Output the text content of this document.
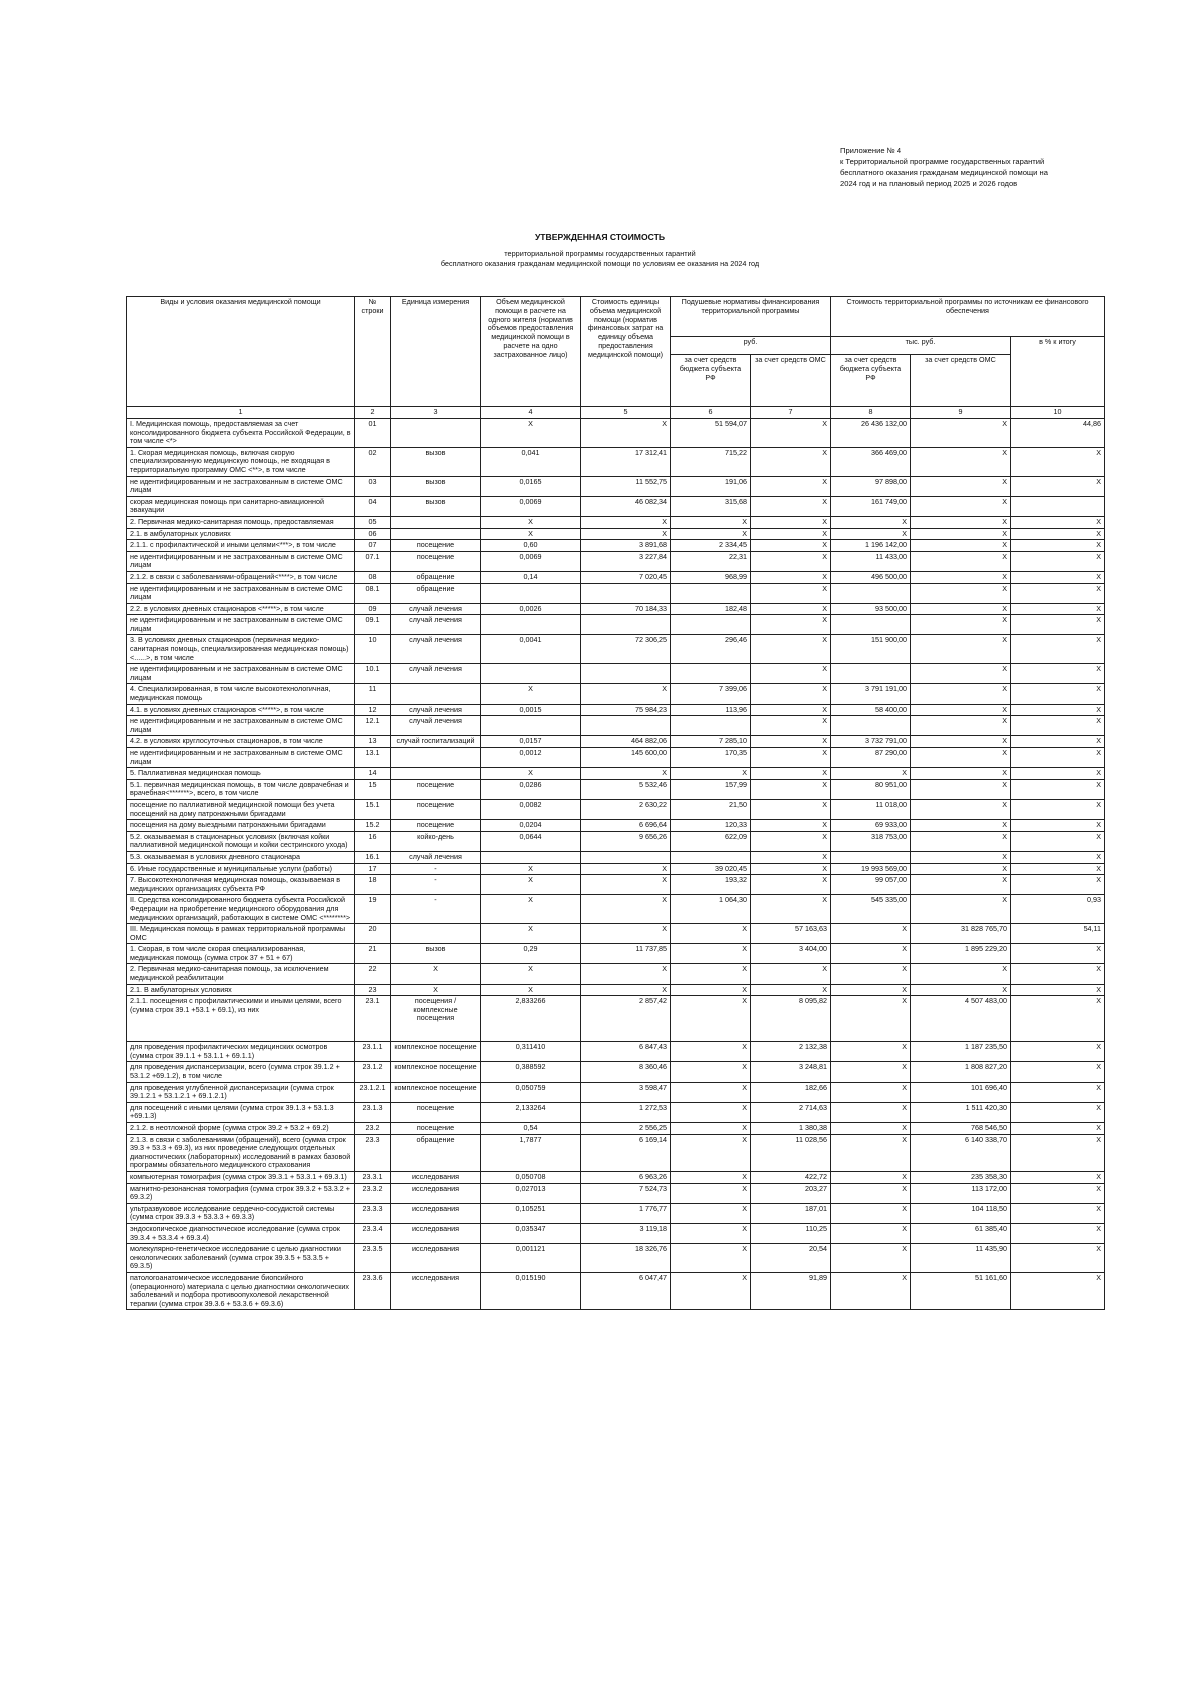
Приложение № 4
к Территориальной программе государственных гарантий
бесплатного оказания гражданам медицинской помощи на
2024 год и на плановый период 2025 и 2026 годов
УТВЕРЖДЕННАЯ СТОИМОСТЬ
территориальной программы государственных гарантий
бесплатного оказания гражданам медицинской помощи по условиям ее оказания на 2024 год
Виды и условия оказания медицинской помощи	№ строки	Единица измерения	Объем медицинской помощи в расчете на одного жителя (норматив объемов предоставления медицинской помощи в расчете на одно застрахованное лицо)	Стоимость единицы объема медицинской помощи (норматив финансовых затрат на единицу объема предоставления медицинской помощи)	Подушевые нормативы финансирования территориальной программы		Стоимость территориальной программы по источникам ее финансового обеспечения		
					руб.		тыс. руб.		в % к итогу
					за счет средств бюджета субъекта РФ	за счет средств ОМС	за счет средств бюджета субъекта РФ	за счет средств ОМС	
1	2	3	4	5	6	7	8	9	10
I. Медицинская помощь, предоставляемая за счет консолидированного бюджета субъекта Российской Федерации, в том числе <*>	01		X	X	51 594,07	X	26 436 132,00	X	44,86
1. Скорая медицинская помощь, включая скорую специализированную медицинскую помощь, не входящая в территориальную программу ОМС <**>, в том числе	02	вызов	0,041	17 312,41	715,22	X	366 469,00	X	X
не идентифицированным и не застрахованным в системе ОМС лицам	03	вызов	0,0165	11 552,75	191,06	X	97 898,00	X	X
скорая медицинская помощь при санитарно-авиационной эвакуации	04	вызов	0,0069	46 082,34	315,68	X	161 749,00	X	
2. Первичная медико-санитарная помощь, предоставляемая	05		X	X	X	X	X	X	X
2.1. в амбулаторных условиях	06		X	X	X	X	X	X	X
2.1.1. с профилактической и иными целями<***>, в том числе	07	посещение	0,60	3 891,68	2 334,45	X	1 196 142,00	X	X
не идентифицированным и не застрахованным в системе ОМС лицам	07.1	посещение	0,0069	3 227,84	22,31	X	11 433,00	X	X
2.1.2. в связи с заболеваниями-обращений<****>, в том числе	08	обращение	0,14	7 020,45	968,99	X	496 500,00	X	X
не идентифицированным и не застрахованным в системе ОМС лицам	08.1	обращение				X		X	X
2.2. в условиях дневных стационаров <*****>, в том числе	09	случай лечения	0,0026	70 184,33	182,48	X	93 500,00	X	X
не идентифицированным и не застрахованным в системе ОМС лицам	09.1	случай лечения				X		X	X
3. В условиях дневных стационаров (первичная медико-санитарная помощь, специализированная медицинская помощь)<......>, в том числе	10	случай лечения	0,0041	72 306,25	296,46	X	151 900,00	X	X
не идентифицированным и не застрахованным в системе ОМС лицам	10.1	случай лечения				X		X	X
4. Специализированная, в том числе высокотехнологичная, медицинская помощь	11		X	X	7 399,06	X	3 791 191,00	X	X
4.1. в условиях дневных стационаров <*****>, в том числе	12	случай лечения	0,0015	75 984,23	113,96	X	58 400,00	X	X
не идентифицированным и не застрахованным в системе ОМС лицам	12.1	случай лечения				X		X	X
4.2. в условиях круглосуточных стационаров, в том числе	13	случай госпитализаций	0,0157	464 882,06	7 285,10	X	3 732 791,00	X	X
не идентифицированным и не застрахованным в системе ОМС лицам	13.1		0,0012	145 600,00	170,35	X	87 290,00	X	X
5. Паллиативная медицинская помощь	14		X	X	X	X	X	X	X
5.1. первичная медицинская помощь, в том числе доврачебная и врачебная<*******>, всего, в том числе	15	посещение	0,0286	5 532,46	157,99	X	80 951,00	X	X
посещение по паллиативной медицинской помощи без учета посещений на дому патронажными бригадами	15.1	посещение	0,0082	2 630,22	21,50	X	11 018,00	X	X
посещения на дому выездными патронажными бригадами	15.2	посещение	0,0204	6 696,64	120,33	X	69 933,00	X	X
5.2. оказываемая в стационарных условиях (включая койки паллиативной медицинской помощи и койки сестринского ухода)	16	койко-день	0,0644	9 656,26	622,09	X	318 753,00	X	X
5.3. оказываемая в условиях дневного стационара	16.1	случай лечения				X		X	X
6. Иные государственные и муниципальные услуги (работы)	17	-	X	X	39 020,45	X	19 993 569,00	X	X
7. Высокотехнологичная медицинская помощь, оказываемая в медицинских организациях субъекта РФ	18	-	X	X	193,32	X	99 057,00	X	X
II. Средства консолидированного бюджета субъекта Российской Федерации на приобретение медицинского оборудования для медицинских организаций, работающих в системе ОМС <********>	19	-	X	X	1 064,30	X	545 335,00	X	0,93
III. Медицинская помощь в рамках территориальной программы ОМС	20		X	X	X	57 163,63	X	31 828 765,70	54,11
1. Скорая, в том числе скорая специализированная, медицинская помощь (сумма строк 37 + 51 + 67)	21	вызов	0,29	11 737,85	X	3 404,00	X	1 895 229,20	X
2. Первичная медико-санитарная помощь, за исключением медицинской реабилитации	22	X	X	X	X	X	X	X	X
2.1. В амбулаторных условиях	23	X	X	X	X	X	X	X	X
2.1.1. посещения с профилактическими и иными целями, всего (сумма строк 39.1 +53.1 + 69.1), из них	23.1	посещения / комплексные посещения	2,833266	2 857,42	X	8 095,82	X	4 507 483,00	X
для проведения профилактических медицинских осмотров (сумма строк 39.1.1 + 53.1.1 + 69.1.1)	23.1.1	комплексное посещение	0,311410	6 847,43	X	2 132,38	X	1 187 235,50	X
для проведения диспансеризации, всего (сумма строк 39.1.2 + 53.1.2 +69.1.2), в том числе	23.1.2	комплексное посещение	0,388592	8 360,46	X	3 248,81	X	1 808 827,20	X
для проведения углубленной диспансеризации (сумма строк 39.1.2.1 + 53.1.2.1 + 69.1.2.1)	23.1.2.1	комплексное посещение	0,050759	3 598,47	X	182,66	X	101 696,40	X
для посещений с иными целями (сумма строк 39.1.3 + 53.1.3 +69.1.3)	23.1.3	посещение	2,133264	1 272,53	X	2 714,63	X	1 511 420,30	X
2.1.2. в неотложной форме (сумма строк 39.2 + 53.2 + 69.2)	23.2	посещение	0,54	2 556,25	X	1 380,38	X	768 546,50	X
2.1.3. в связи с заболеваниями (обращений), всего (сумма строк 39.3 + 53.3 + 69.3), из них проведение следующих отдельных диагностических (лабораторных) исследований в рамках базовой программы обязательного медицинского страхования	23.3	обращение	1,7877	6 169,14	X	11 028,56	X	6 140 338,70	X
компьютерная томография (сумма строк 39.3.1 + 53.3.1 + 69.3.1)	23.3.1	исследования	0,050708	6 963,26	X	422,72	X	235 358,30	X
магнитно-резонансная томография (сумма строк 39.3.2 + 53.3.2 + 69.3.2)	23.3.2	исследования	0,027013	7 524,73	X	203,27	X	113 172,00	X
ультразвуковое исследование сердечно-сосудистой системы (сумма строк 39.3.3 + 53.3.3 + 69.3.3)	23.3.3	исследования	0,105251	1 776,77	X	187,01	X	104 118,50	X
эндоскопическое диагностическое исследование (сумма строк 39.3.4 + 53.3.4 + 69.3.4)	23.3.4	исследования	0,035347	3 119,18	X	110,25	X	61 385,40	X
молекулярно-генетическое исследование с целью диагностики онкологических заболеваний (сумма строк 39.3.5 + 53.3.5 + 69.3.5)	23.3.5	исследования	0,001121	18 326,76	X	20,54	X	11 435,90	X
патологоанатомическое исследование биопсийного (операционного) материала с целью диагностики онкологических заболеваний и подбора противоопухолевой лекарственной терапии (сумма строк 39.3.6 + 53.3.6 + 69.3.6)	23.3.6	исследования	0,015190	6 047,47	X	91,89	X	51 161,60	X
